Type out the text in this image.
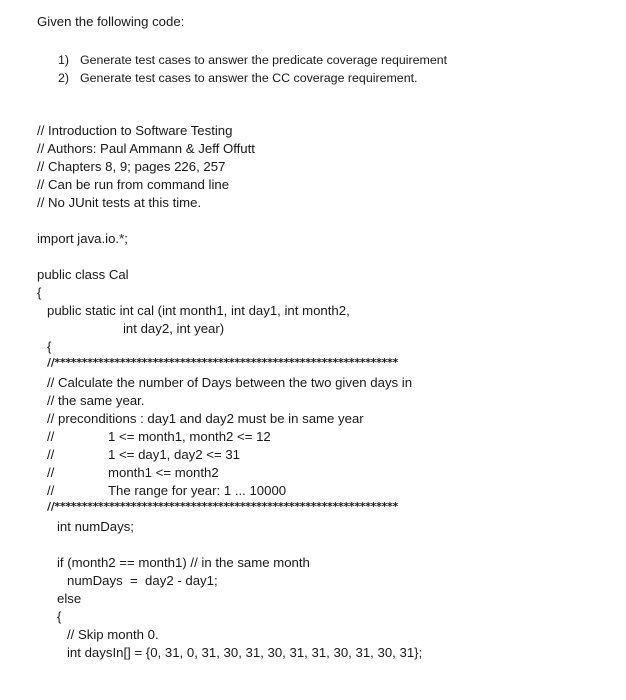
Given the following code:
1) Generate test cases to answer the predicate coverage requirement
2) Generate test cases to answer the CC coverage requirement.
// Introduction to Software Testing
// Authors: Paul Ammann & Jeff Offutt
// Chapters 8, 9; pages 226, 257
// Can be run from command line
// No JUnit tests at this time.
import java.io.*;
public class Cal
{
public static int cal (int month1, int day1, int month2,
int day2, int year)
{
//***************************************************************
// Calculate the number of Days between the two given days in
// the same year.
// preconditions : day1 and day2 must be in same year
//	1 <= month1, month2 <= 12
//	1 <= day1, day2 <= 31
//	month1 <= month2
//	The range for year: 1 ... 10000
//***************************************************************
int numDays;
if (month2 == month1) // in the same month
numDays  =  day2 - day1;
else
{
// Skip month 0.
int daysIn[] = {0, 31, 0, 31, 30, 31, 30, 31, 31, 30, 31, 30, 31};
